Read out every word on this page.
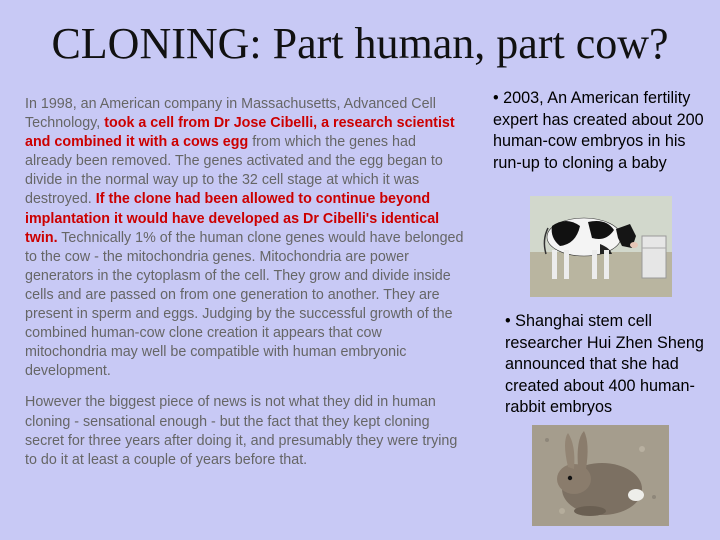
CLONING: Part human, part cow?

In 1998, an American company in Massachusetts, Advanced Cell Technology, took a cell from Dr Jose Cibelli, a research scientist and combined it with a cows egg from which the genes had already been removed. The genes activated and the egg began to divide in the normal way up to the 32 cell stage at which it was destroyed. If the clone had been allowed to continue beyond implantation it would have developed as Dr Cibelli's identical twin. Technically 1% of the human clone genes would have belonged to the cow - the mitochondria genes. Mitochondria are power generators in the cytoplasm of the cell. They grow and divide inside cells and are passed on from one generation to another. They are present in sperm and eggs. Judging by the successful growth of the combined human-cow clone creation it appears that cow mitochondria may well be compatible with human embryonic development.

However the biggest piece of news is not what they did in human cloning - sensational enough - but the fact that they kept cloning secret for three years after doing it, and presumably they were trying to do it at least a couple of years before that.

• 2003, An American fertility expert has created about 200 human-cow embryos in his run-up to cloning a baby
• Shanghai stem cell researcher Hui Zhen Sheng announced that she had created about 400 human-rabbit embryos
